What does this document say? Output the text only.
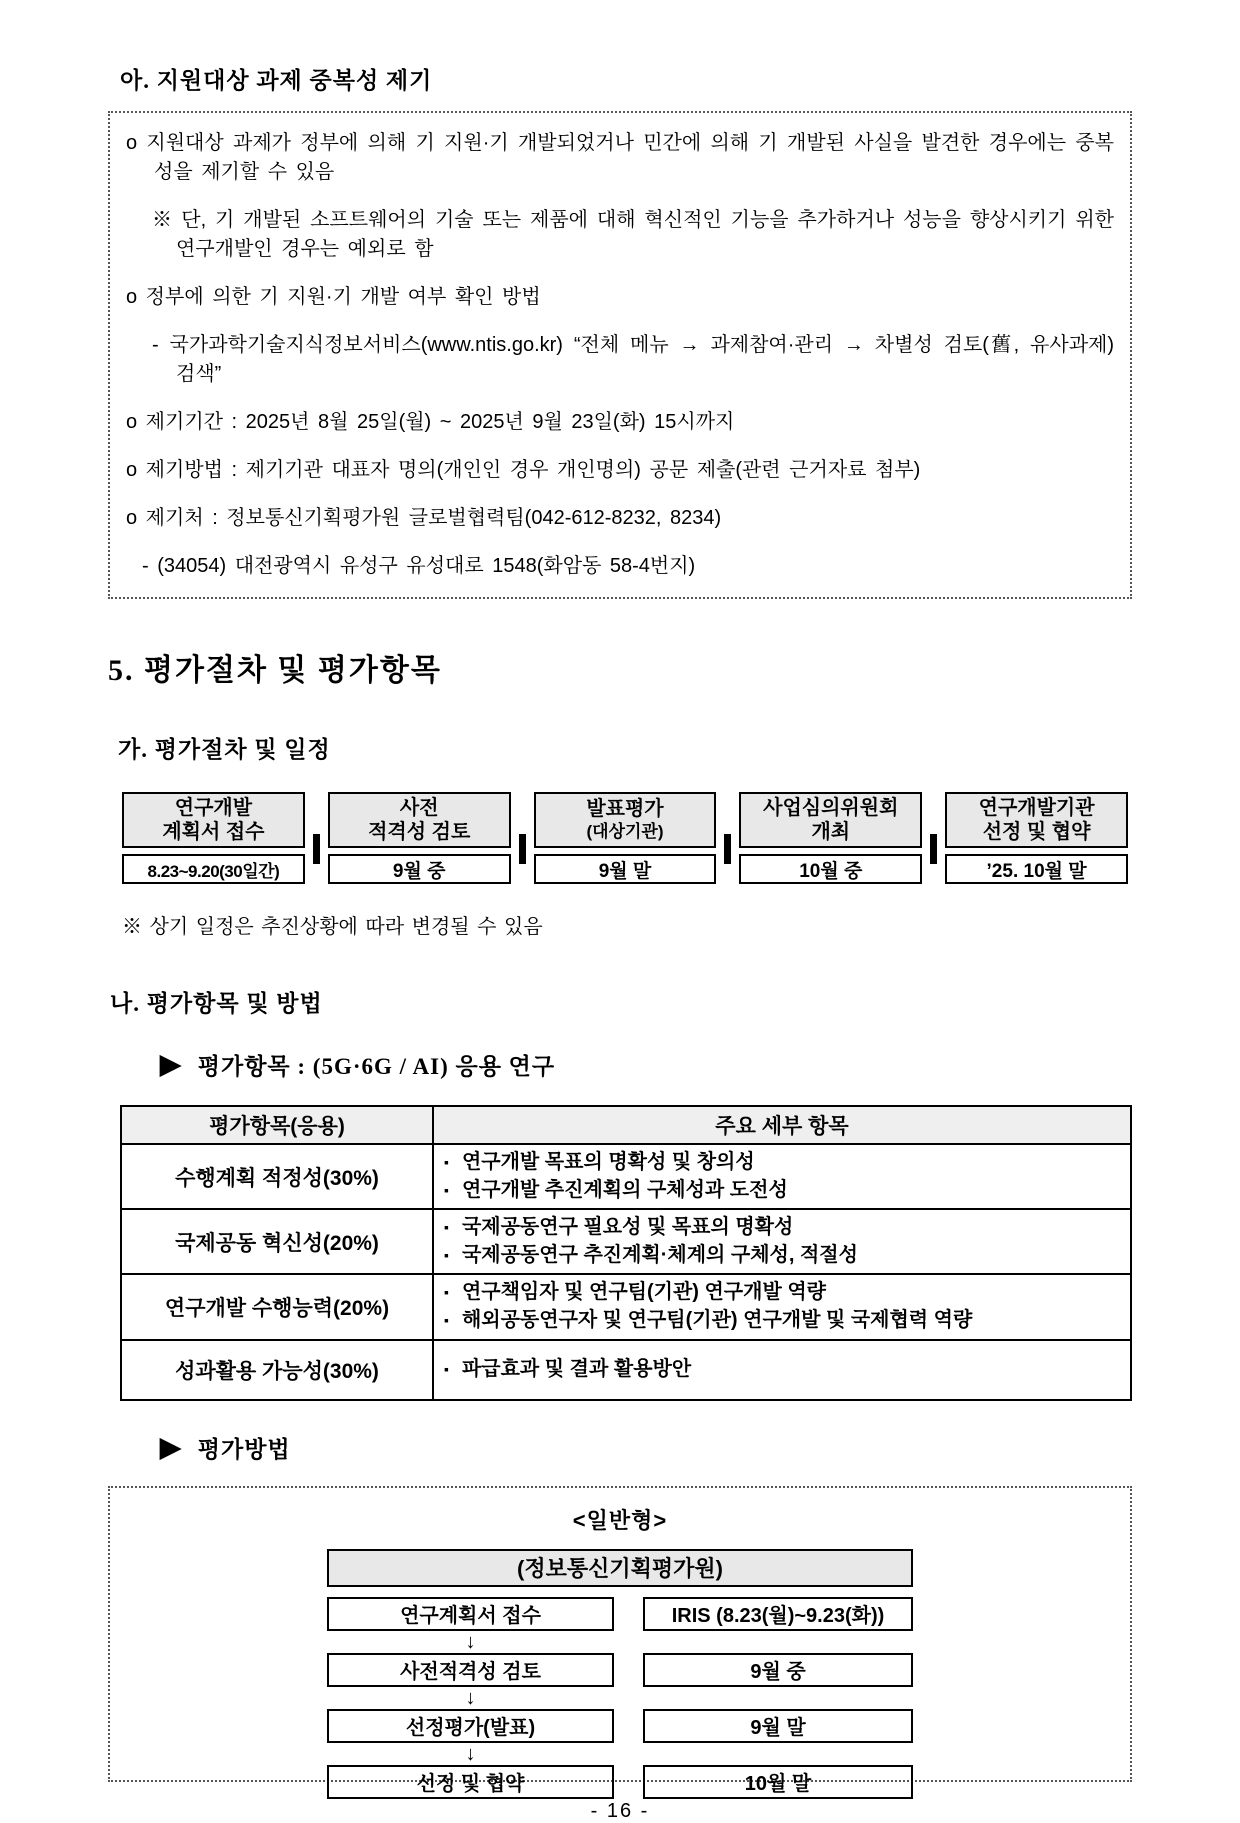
아. 지원대상 과제 중복성 제기
o 지원대상 과제가 정부에 의해 기 지원·기 개발되었거나 민간에 의해 기 개발된 사실을 발견한 경우에는 중복성을 제기할 수 있음
※ 단, 기 개발된 소프트웨어의 기술 또는 제품에 대해 혁신적인 기능을 추가하거나 성능을 향상시키기 위한 연구개발인 경우는 예외로 함
o 정부에 의한 기 지원·기 개발 여부 확인 방법
- 국가과학기술지식정보서비스(www.ntis.go.kr) “전체 메뉴 → 과제참여·관리 → 차별성 검토(舊, 유사과제) 검색”
o 제기기간 : 2025년 8월 25일(월) ~ 2025년 9월 23일(화) 15시까지
o 제기방법 : 제기기관 대표자 명의(개인인 경우 개인명의) 공문 제출(관련 근거자료 첨부)
o 제기처 : 정보통신기획평가원 글로벌협력팀(042-612-8232, 8234)
- (34054) 대전광역시 유성구 유성대로 1548(화암동 58-4번지)
5. 평가절차 및 평가항목
가. 평가절차 및 일정
연구개발
계획서 접수
8.23~9.20(30일간)
사전
적격성 검토
9월 중
발표평가
(대상기관)
9월 말
사업심의위원회
개최
10월 중
연구개발기관
선정 및 협약
’25. 10월 말
※ 상기 일정은 추진상황에 따라 변경될 수 있음
나. 평가항목 및 방법
▶ 평가항목 : (5G·6G / AI) 응용 연구
평가항목(응용)	주요 세부 항목
수행계획 적정성(30%)	▪ 연구개발 목표의 명확성 및 창의성
▪ 연구개발 추진계획의 구체성과 도전성

국제공동 혁신성(20%)	▪ 국제공동연구 필요성 및 목표의 명확성
▪ 국제공동연구 추진계획·체계의 구체성, 적절성

연구개발 수행능력(20%)	▪ 연구책임자 및 연구팀(기관) 연구개발 역량
▪ 해외공동연구자 및 연구팀(기관) 연구개발 및 국제협력 역량

성과활용 가능성(30%)	▪ 파급효과 및 결과 활용방안
▶ 평가방법
<일반형>
(정보통신기획평가원)
연구계획서 접수	IRIS (8.23(월)~9.23(화))
↓
사전적격성 검토	9월 중
↓
선정평가(발표)	9월 말
↓
선정 및 협약	10월 말
- 16 -
